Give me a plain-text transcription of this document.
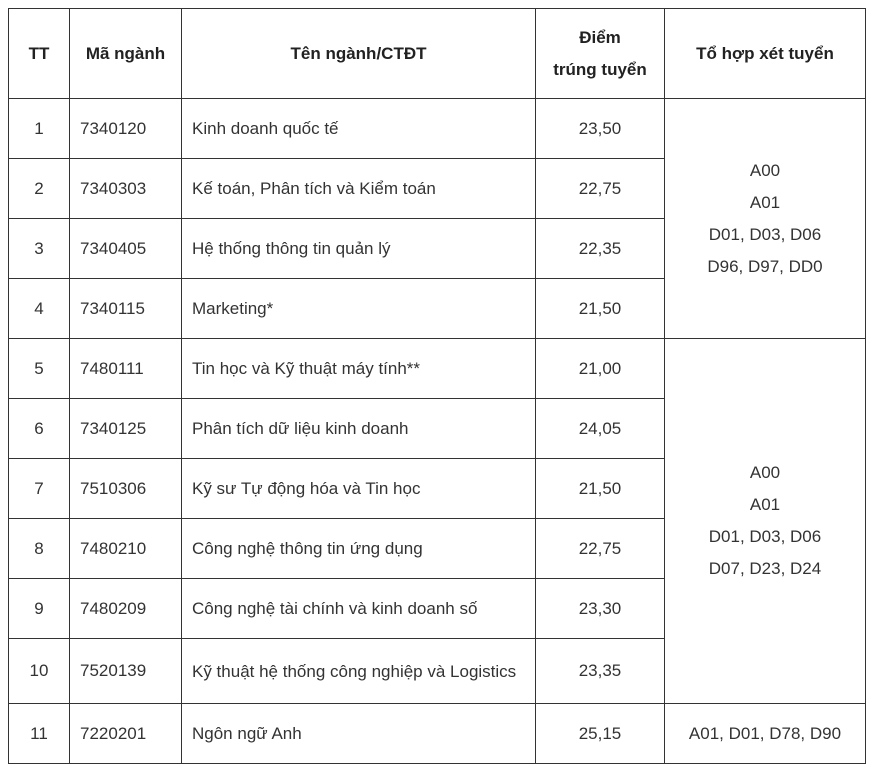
TT	Mã ngành	Tên ngành/CTĐT	Điểm
trúng tuyển	Tổ hợp xét tuyển
1	7340120	Kinh doanh quốc tế	23,50	A00
A01
D01, D03, D06
D96, D97, DD0

2	7340303	Kế toán, Phân tích và Kiểm toán	22,75	
3	7340405	Hệ thống thông tin quản lý	22,35	
4	7340115	Marketing*	21,50	
5	7480111	Tin học và Kỹ thuật máy tính**	21,00	A00
A01
D01, D03, D06
D07, D23, D24

6	7340125	Phân tích dữ liệu kinh doanh	24,05	
7	7510306	Kỹ sư Tự động hóa và Tin học	21,50	
8	7480210	Công nghệ thông tin ứng dụng	22,75	
9	7480209	Công nghệ tài chính và kinh doanh số	23,30	
10	7520139	Kỹ thuật hệ thống công nghiệp và Logistics	23,35	
11	7220201	Ngôn ngữ Anh	25,15	A01, D01, D78, D90
